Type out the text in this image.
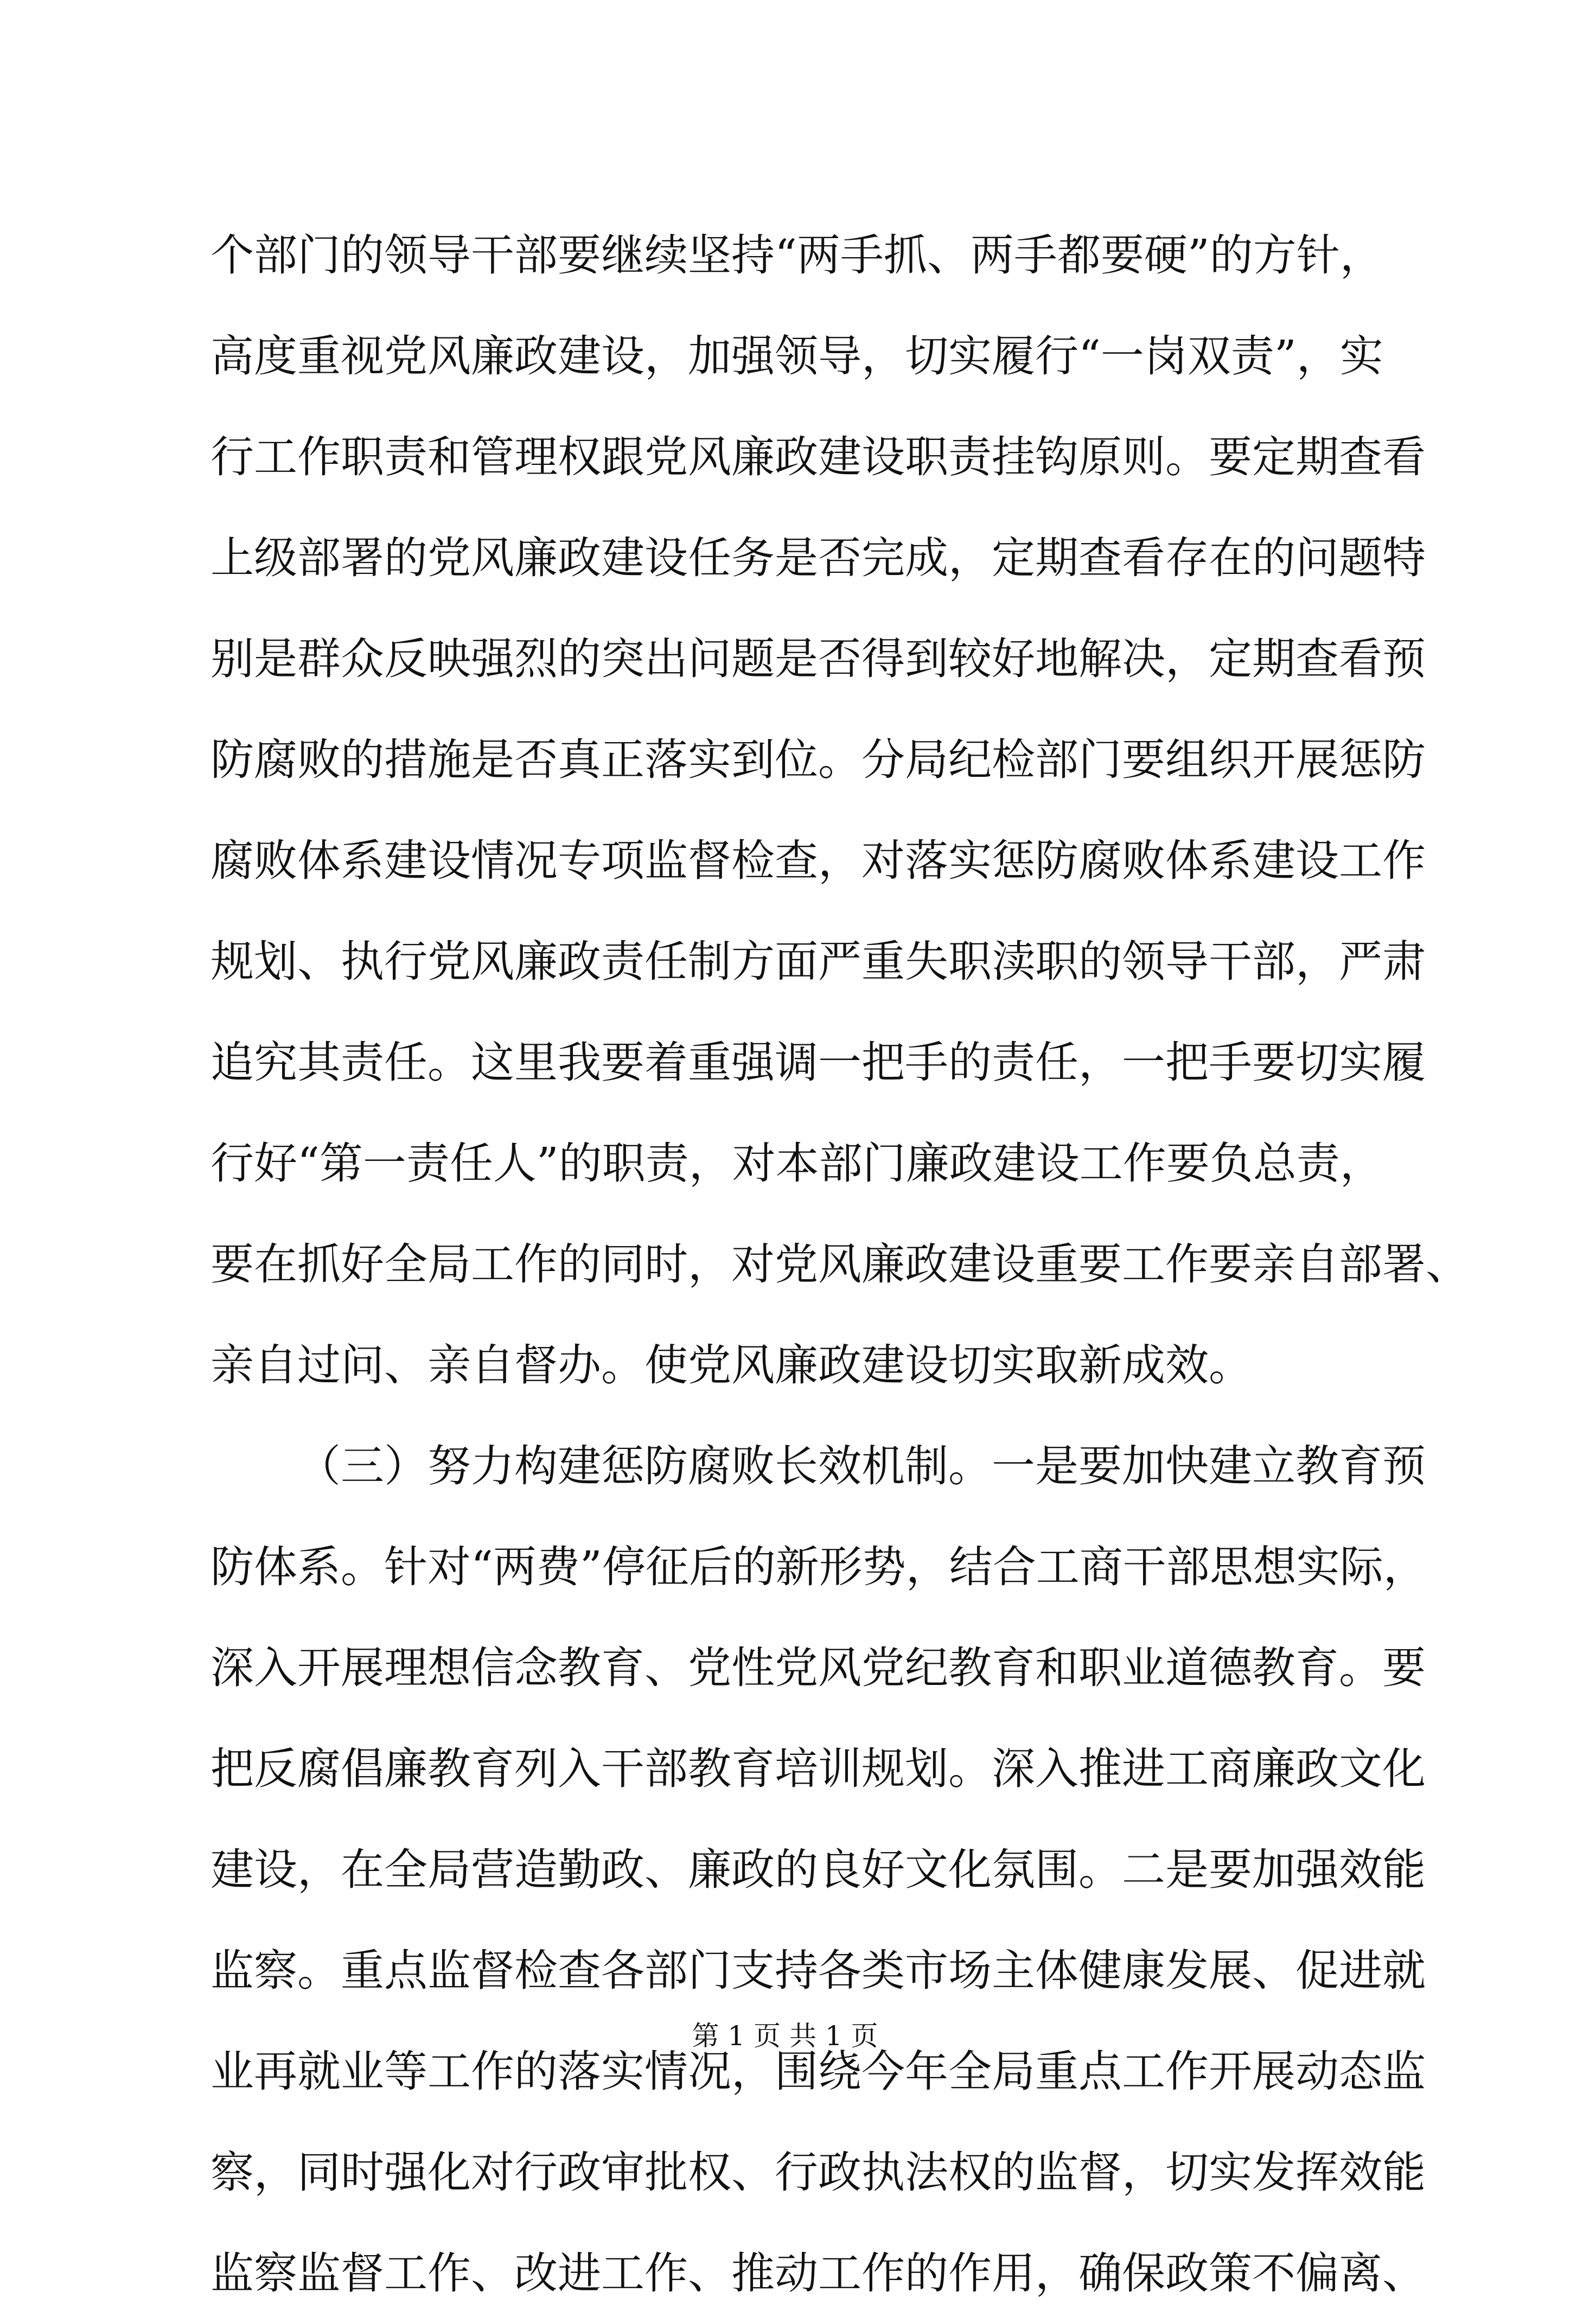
个部门的领导干部要继续坚持“两手抓、两手都要硬”的方针，
高度重视党风廉政建设，加强领导，切实履行“一岗双责”，实
行工作职责和管理权跟党风廉政建设职责挂钩原则。要定期查看
上级部署的党风廉政建设任务是否完成，定期查看存在的问题特
别是群众反映强烈的突出问题是否得到较好地解决，定期查看预
防腐败的措施是否真正落实到位。分局纪检部门要组织开展惩防
腐败体系建设情况专项监督检查，对落实惩防腐败体系建设工作
规划、执行党风廉政责任制方面严重失职渎职的领导干部，严肃
追究其责任。这里我要着重强调一把手的责任，一把手要切实履
行好“第一责任人”的职责，对本部门廉政建设工作要负总责，
要在抓好全局工作的同时，对党风廉政建设重要工作要亲自部署、
亲自过问、亲自督办。使党风廉政建设切实取新成效。
（三）努力构建惩防腐败长效机制。一是要加快建立教育预
防体系。针对“两费”停征后的新形势，结合工商干部思想实际，
深入开展理想信念教育、党性党风党纪教育和职业道德教育。要
把反腐倡廉教育列入干部教育培训规划。深入推进工商廉政文化
建设，在全局营造勤政、廉政的良好文化氛围。二是要加强效能
监察。重点监督检查各部门支持各类市场主体健康发展、促进就
业再就业等工作的落实情况，围绕今年全局重点工作开展动态监
察，同时强化对行政审批权、行政执法权的监督，切实发挥效能
监察监督工作、改进工作、推动工作的作用，确保政策不偏离、
第 1 页 共 1 页
